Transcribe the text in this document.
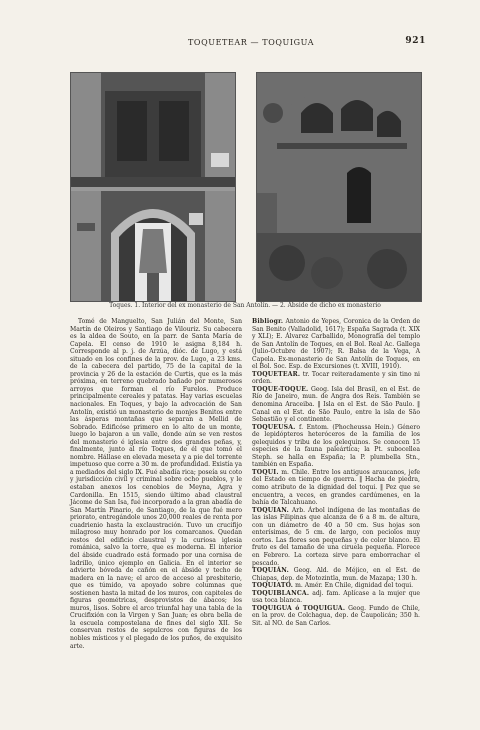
TOQUETEAR — TOQUIGUA	921
Toques. 1. Interior del ex monasterio de San Antolín. — 2. Ábside de dicho ex monasterio

Tomé de Manguelto, San Julián del Monte, San Martín de Oleiros y Santiago de Vilouriz. Su cabecera es la aldea de Souto, en la parr. de Santa María de Capela. El censo de 1910 le asigna 8,184 h. Corresponde al p. j. de Arzúa, dióc. de Lugo, y está situado en los confines de la prov. de Lugo, a 23 kms. de la cabecera del partido, 75 de la capital de la provincia y 26 de la estación de Curtis, que es la más próxima, en terreno quebrado bañado por numerosos arroyos que forman el río Furelos. Produce principalmente cereales y patatas. Hay varias escuelas nacionales. En Toques, y bajo la advocación de San Antolín, existió un monasterio de monjes Benitos entre las ásperas montañas que separan a Mellid de Sobrado. Edificóse primero en lo alto de un monte, luego lo bajaron a un valle, donde aún se ven restos del monasterio é iglesia entre dos grandes peñas, y, finalmente, junto al río Toques, de él que tomó el nombre. Hállase en elevada meseta y a pie del torrente impetuoso que corre a 30 m. de profundidad. Existía ya a mediados del siglo IX. Fué abadía rica; poseía su coto y jurisdicción civil y criminal sobre ocho pueblos, y le estaban anexos los cenobios de Meyna, Agra y Cardonilla. En 1515, siendo último abad claustral Jácome de San Isa, fué incorporado a la gran abadía de San Martín Pinario, de Santiago, de la que fué mero priorato, entregándole unos 20,000 reales de renta por cuadrienio hasta la exclaustración. Tuvo un crucifijo milagroso muy honrado por los comarcanos. Quedan restos del edificio claustral y la curiosa iglesia románica, salvo la torre, que es moderna. El interior del ábside cuadrado está formado por una cornisa de ladrillo, único ejemplo en Galicia. En el interior se advierte bóveda de cañón en el ábside y techo de madera en la nave; el arco de acceso al presbiterio, que es túmido, va apoyado sobre columnas que sostienen hasta la mitad de los muros, con capiteles de figuras geométricas, desprovistos de ábacos; los muros, lisos. Sobre el arco triunfal hay una tabla de la Crucifixión con la Virgen y San Juan; es obra bella de la escuela compostelana de fines del siglo XII. Se conservan restos de sepulcros con figuras de los nobles místicos y el plegado de los puños, de exquisito arte.

Bibliogr. Antonio de Yepes, Coronica de la Orden de San Benito (Valladolid, 1617); España Sagrada (t. XIX y XLI); E. Álvarez Carballido, Monografía del templo de San Antolín de Toques, en el Bol. Real Ac. Gallega (Julio-Octubre de 1907); R. Balsa de la Vega, A Capela. Ex-monasterio de San Antolín de Toques, en el Bol. Soc. Esp. de Excursiones (t. XVIII, 1910).

TOQUETEAR. tr. Tocar reiteradamente y sin tino ni orden.

TOQUE-TOQUE. Geog. Isla del Brasil, en el Est. de Río de Janeiro, mun. de Angra dos Reis. También se denomina Araceiba. ‖ Isla en el Est. de São Paulo. ‖ Canal en el Est. de São Paulo, entre la isla de São Sebastião y el continente.

TOQUEUSA. f. Entom. (Phocheussa Hein.) Género de lepidópteros heteróceros de la familia de los gelequidos y tribu de los gelequinos. Se conocen 15 especies de la fauna paleártica; la Pt. subocellea Steph. se halla en España; la P. plumbella Stn., también en España.

TOQUI. m. Chile. Entre los antiguos araucanos, jefe del Estado en tiempo de guerra. ‖ Hacha de piedra, como atributo de la dignidad del toqui. ‖ Pez que se encuentra, a veces, en grandes cardúmenes, en la bahía de Talcahuano.

TOQUIAN. Arb. Árbol indígena de las montañas de las islas Filipinas que alcanza de 6 a 8 m. de altura, con un diámetro de 40 a 50 cm. Sus hojas son enterísimas, de 5 cm. de largo, con peciolos muy cortos. Las flores son pequeñas y de color blanco. El fruto es del tamaño de una ciruela pequeña. Florece en Febrero. La corteza sirve para emborrachar el pescado.

TOQUIÁN. Geog. Ald. de Méjico, en el Est. de Chiapas, dep. de Motozintla, mun. de Mazapa; 130 h.

TOQUIATO. m. Amér. En Chile, dignidad del toqui.

TOQUIBLANCA. adj. fam. Aplícase a la mujer que usa toca blanca.

TOQUIGUA ó TOQUIGUA. Geog. Fundo de Chile, en la prov. de Colchagua, dep. de Caupolicán; 350 h. Sit. al NO. de San Carlos.
